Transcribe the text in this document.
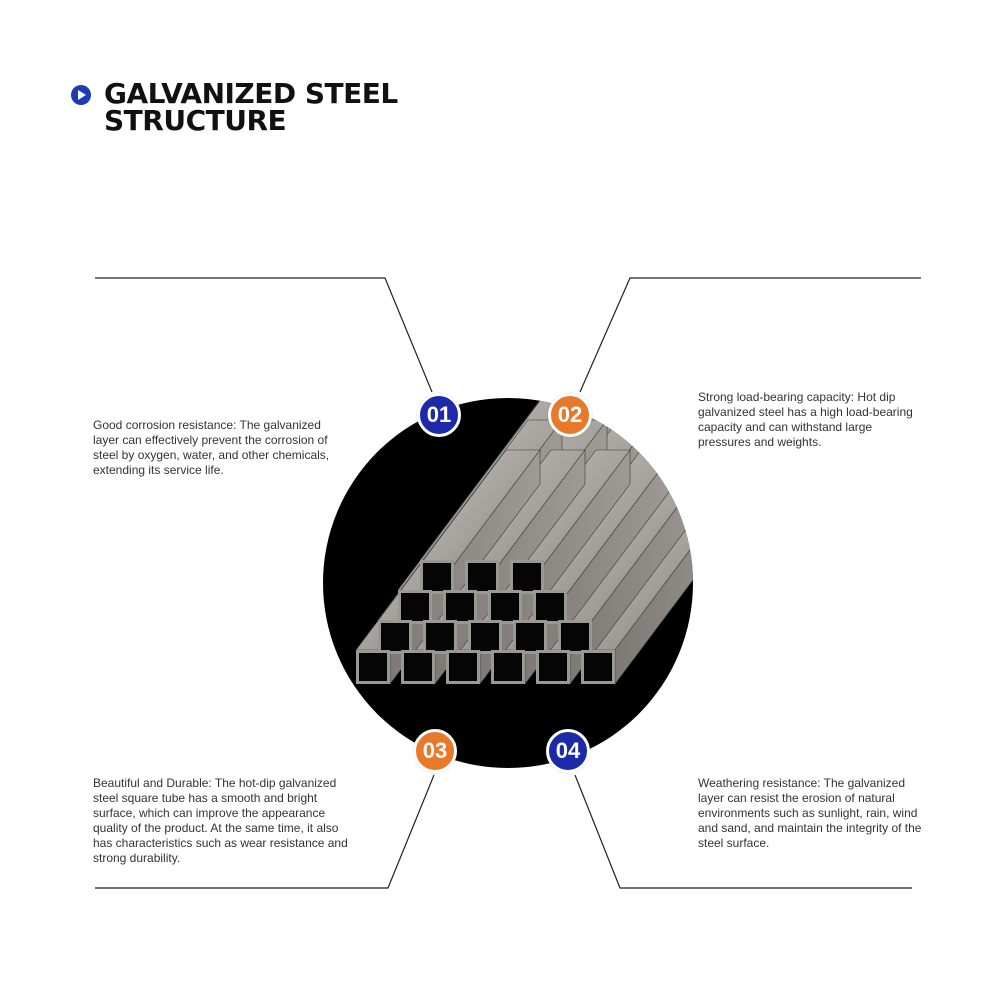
GALVANIZED STEEL
STRUCTURE
01	02
03	04
Good corrosion resistance: The galvanized layer can effectively prevent the corrosion of steel by oxygen, water, and other chemicals, extending its service life.
Strong load-bearing capacity: Hot dip galvanized steel has a high load-bearing capacity and can withstand large pressures and weights.
Beautiful and Durable: The hot-dip galvanized steel square tube has a smooth and bright surface, which can improve the appearance quality of the product. At the same time, it also has characteristics such as wear resistance and strong durability.
Weathering resistance: The galvanized layer can resist the erosion of natural environments such as sunlight, rain, wind and sand, and maintain the integrity of the steel surface.
